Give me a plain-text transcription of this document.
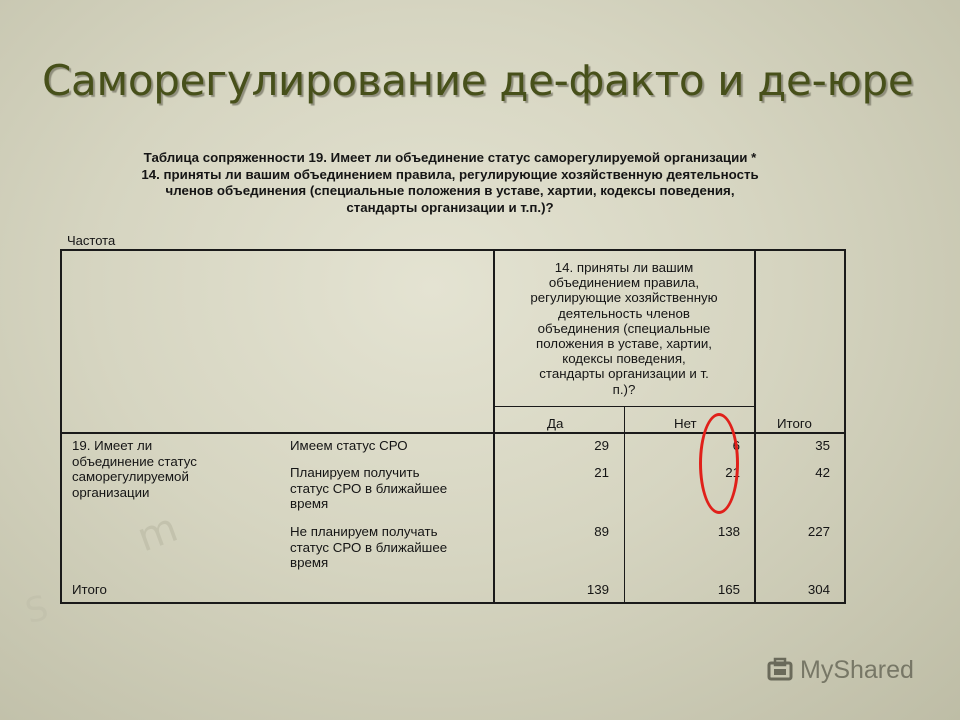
m
S
Саморегулирование де-факто и де-юре
Таблица сопряженности 19. Имеет ли объединение статус саморегулируемой организации *
14. приняты ли вашим объединением правила, регулирующие хозяйственную деятельность
членов объединения (специальные положения в уставе, хартии, кодексы поведения,
стандарты организации и т.п.)?
Частота
14. приняты ли вашим
объединением правила,
регулирующие хозяйственную
деятельность членов
объединения (специальные
положения в уставе, хартии,
кодексы поведения,
стандарты организации и т.
п.)?
Да	Нет	Итого
19. Имеет ли
объединение статус
саморегулируемой
организации
Имеем статус СРО	29	6	35
Планируем получить
статус СРО в ближайшее
время
21	21	42
Не планируем получать
статус СРО в ближайшее
время
89	138	227
Итого	139	165	304
MyShared
